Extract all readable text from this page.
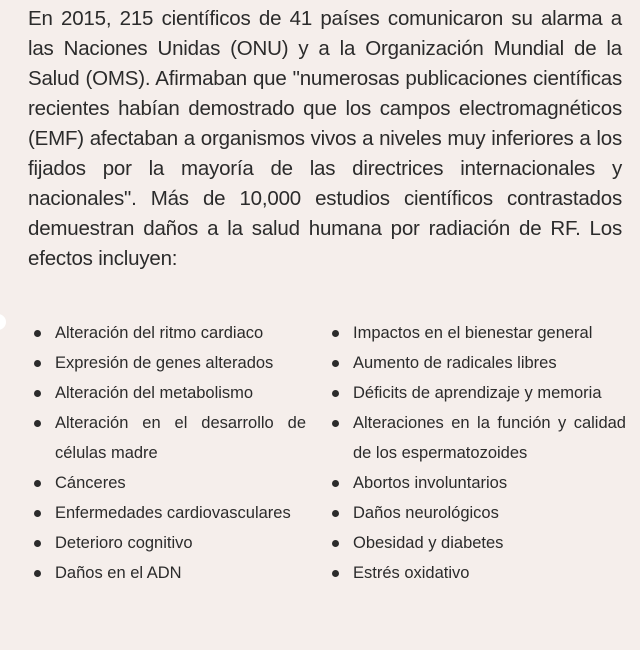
En 2015, 215 científicos de 41 países comunicaron su alarma a las Naciones Unidas (ONU) y a la Organización Mundial de la Salud (OMS). Afirmaban que "numerosas publicaciones científicas recientes habían demostrado que los campos electromagnéticos (EMF) afectaban a organismos vivos a niveles muy inferiores a los fijados por la mayoría de las directrices internacionales y nacionales". Más de 10,000 estudios científicos contrastados demuestran daños a la salud humana por radiación de RF. Los efectos incluyen:

Alteración del ritmo cardiaco
Expresión de genes alterados
Alteración del metabolismo
Alteración en el desarrollo de células madre
Cánceres
Enfermedades cardiovasculares
Deterioro cognitivo
Daños en el ADN
Impactos en el bienestar general
Aumento de radicales libres
Déficits de aprendizaje y memoria
Alteraciones en la función y calidad de los espermatozoides
Abortos involuntarios
Daños neurológicos
Obesidad y diabetes
Estrés oxidativo
